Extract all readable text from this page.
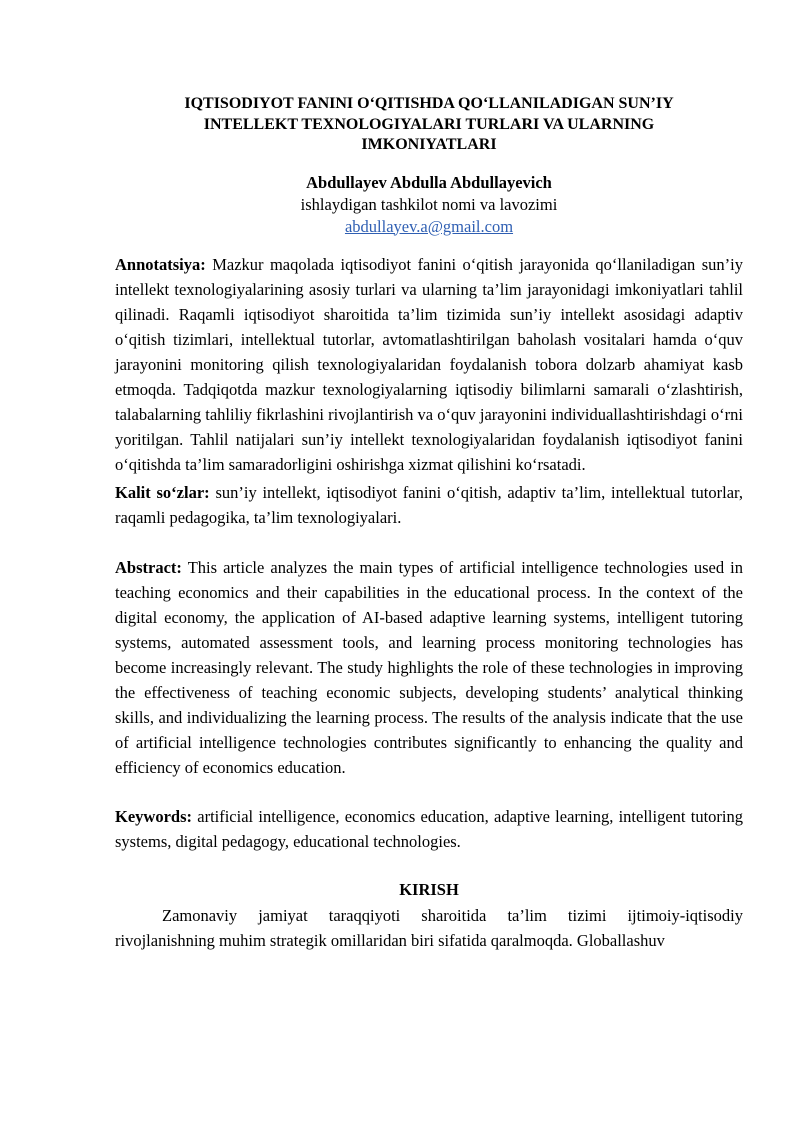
IQTISODIYOT FANINI O‘QITISHDA QO‘LLANILADIGAN SUN’IY INTELLEKT TEXNOLOGIYALARI TURLARI VA ULARNING IMKONIYATLARI
Abdullayev Abdulla Abdullayevich
ishlaydigan tashkilot nomi va lavozimi
abdullayev.a@gmail.com

Annotatsiya: Mazkur maqolada iqtisodiyot fanini o‘qitish jarayonida qo‘llaniladigan sun’iy intellekt texnologiyalarining asosiy turlari va ularning ta’lim jarayonidagi imkoniyatlari tahlil qilinadi. Raqamli iqtisodiyot sharoitida ta’lim tizimida sun’iy intellekt asosidagi adaptiv o‘qitish tizimlari, intellektual tutorlar, avtomatlashtirilgan baholash vositalari hamda o‘quv jarayonini monitoring qilish texnologiyalaridan foydalanish tobora dolzarb ahamiyat kasb etmoqda. Tadqiqotda mazkur texnologiyalarning iqtisodiy bilimlarni samarali o‘zlashtirish, talabalarning tahliliy fikrlashini rivojlantirish va o‘quv jarayonini individuallashtirishdagi o‘rni yoritilgan. Tahlil natijalari sun’iy intellekt texnologiyalaridan foydalanish iqtisodiyot fanini o‘qitishda ta’lim samaradorligini oshirishga xizmat qilishini ko‘rsatadi.

Kalit so‘zlar: sun’iy intellekt, iqtisodiyot fanini o‘qitish, adaptiv ta’lim, intellektual tutorlar, raqamli pedagogika, ta’lim texnologiyalari.

Abstract: This article analyzes the main types of artificial intelligence technologies used in teaching economics and their capabilities in the educational process. In the context of the digital economy, the application of AI-based adaptive learning systems, intelligent tutoring systems, automated assessment tools, and learning process monitoring technologies has become increasingly relevant. The study highlights the role of these technologies in improving the effectiveness of teaching economic subjects, developing students’ analytical thinking skills, and individualizing the learning process. The results of the analysis indicate that the use of artificial intelligence technologies contributes significantly to enhancing the quality and efficiency of economics education.

Keywords: artificial intelligence, economics education, adaptive learning, intelligent tutoring systems, digital pedagogy, educational technologies.

KIRISH

Zamonaviy jamiyat taraqqiyoti sharoitida ta’lim tizimi ijtimoiy-iqtisodiy rivojlanishning muhim strategik omillaridan biri sifatida qaralmoqda. Globallashuv
